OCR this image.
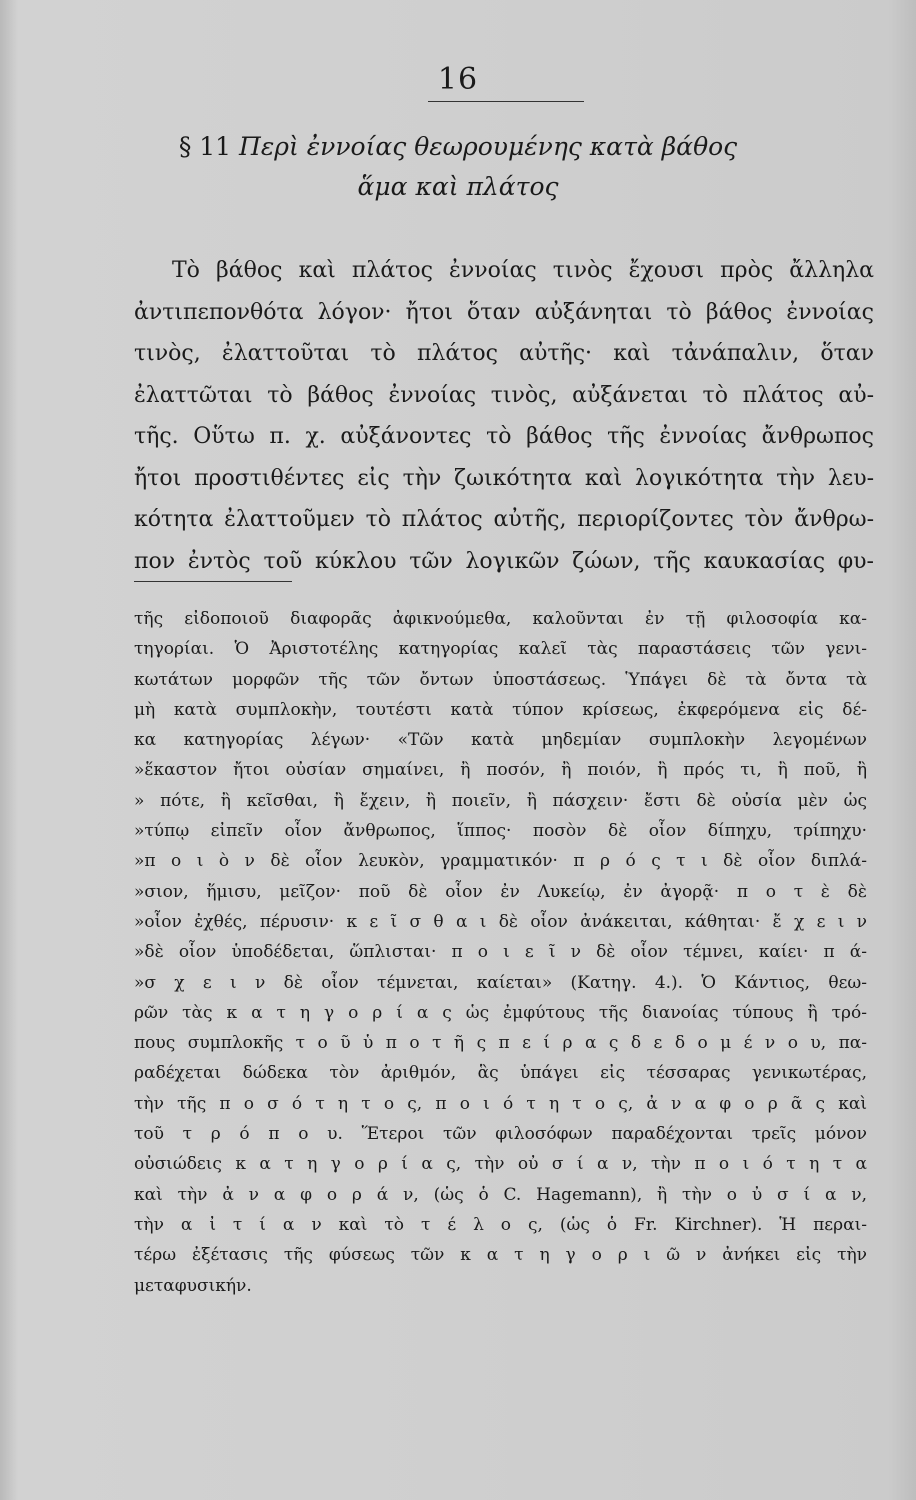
16
§ 11 Περὶ ἐννοίας θεωρουμένης κατὰ βάθος
ἅμα καὶ πλάτος
Τὸ βάθος καὶ πλάτος ἐννοίας τινὸς ἔχουσι πρὸς ἄλληλα
ἀντιπεπονθότα λόγον· ἤτοι ὅταν αὐξάνηται τὸ βάθος ἐννοίας
τινὸς, ἐλαττοῦται τὸ πλάτος αὐτῆς· καὶ τἀνάπαλιν, ὅταν
ἐλαττῶται τὸ βάθος ἐννοίας τινὸς, αὐξάνεται τὸ πλάτος αὐ-
τῆς. Οὕτω π. χ. αὐξάνοντες τὸ βάθος τῆς ἐννοίας ἄνθρωπος
ἤτοι προστιθέντες εἰς τὴν ζωικότητα καὶ λογικότητα τὴν λευ-
κότητα ἐλαττοῦμεν τὸ πλάτος αὐτῆς, περιορίζοντες τὸν ἄνθρω-
πον ἐντὸς τοῦ κύκλου τῶν λογικῶν ζώων, τῆς καυκασίας φυ-
τῆς εἰδοποιοῦ διαφορᾶς ἀφικνούμεθα, καλοῦνται ἐν τῇ φιλοσοφία κα-
τηγορίαι. Ὁ Ἀριστοτέλης κατηγορίας καλεῖ τὰς παραστάσεις τῶν γενι-
κωτάτων μορφῶν τῆς τῶν ὄντων ὑποστάσεως. Ὑπάγει δὲ τὰ ὄντα τὰ
μὴ κατὰ συμπλοκὴν, τουτέστι κατὰ τύπον κρίσεως, ἐκφερόμενα εἰς δέ-
κα κατηγορίας λέγων· «Τῶν κατὰ μηδεμίαν συμπλοκὴν λεγομένων
»ἕκαστον ἤτοι οὐσίαν σημαίνει, ἢ ποσόν, ἢ ποιόν, ἢ πρός τι, ἢ ποῦ, ἢ
» πότε, ἢ κεῖσθαι, ἢ ἔχειν, ἢ ποιεῖν, ἢ πάσχειν· ἔστι δὲ οὐσία μὲν ὡς
»τύπῳ εἰπεῖν οἷον ἄνθρωπος, ἵππος· ποσὸν δὲ οἷον δίπηχυ, τρίπηχυ·
»π ο ι ὸ ν δὲ οἷον λευκὸν, γραμματικόν· π ρ ό ς τ ι δὲ οἷον διπλά-
»σιον, ἥμισυ, μεῖζον· ποῦ δὲ οἷον ἐν Λυκείῳ, ἐν ἀγορᾷ· π ο τ ὲ δὲ
»οἷον ἐχθές, πέρυσιν· κ ε ῖ σ θ α ι δὲ οἷον ἀνάκειται, κάθηται· ἔ χ ε ι ν
»δὲ οἷον ὑποδέδεται, ὥπλισται· π ο ι ε ῖ ν δὲ οἷον τέμνει, καίει· π ά-
»σ χ ε ι ν δὲ οἷον τέμνεται, καίεται» (Κατηγ. 4.). Ὁ Κάντιος, θεω-
ρῶν τὰς κ α τ η γ ο ρ ί α ς ὡς ἐμφύτους τῆς διανοίας τύπους ἢ τρό-
πους συμπλοκῆς τ ο ῦ ὑ π ο τ ῆ ς π ε ί ρ α ς δ ε δ ο μ έ ν ο υ, πα-
ραδέχεται δώδεκα τὸν ἀριθμόν, ἃς ὑπάγει εἰς τέσσαρας γενικωτέρας,
τὴν τῆς π ο σ ό τ η τ ο ς, π ο ι ό τ η τ ο ς, ἀ ν α φ ο ρ ᾶ ς καὶ
τοῦ τ ρ ό π ο υ. Ἕτεροι τῶν φιλοσόφων παραδέχονται τρεῖς μόνον
οὐσιώδεις κ α τ η γ ο ρ ί α ς, τὴν οὐ σ ί α ν, τὴν π ο ι ό τ η τ α
καὶ τὴν ἀ ν α φ ο ρ ά ν, (ὡς ὁ C. Hagemann), ἢ τὴν ο ὐ σ ί α ν,
τὴν α ἰ τ ί α ν καὶ τὸ τ έ λ ο ς, (ὡς ὁ Fr. Kirchner). Ἡ περαι-
τέρω ἐξέτασις τῆς φύσεως τῶν κ α τ η γ ο ρ ι ῶ ν ἀνήκει εἰς τὴν
μεταφυσικήν.
